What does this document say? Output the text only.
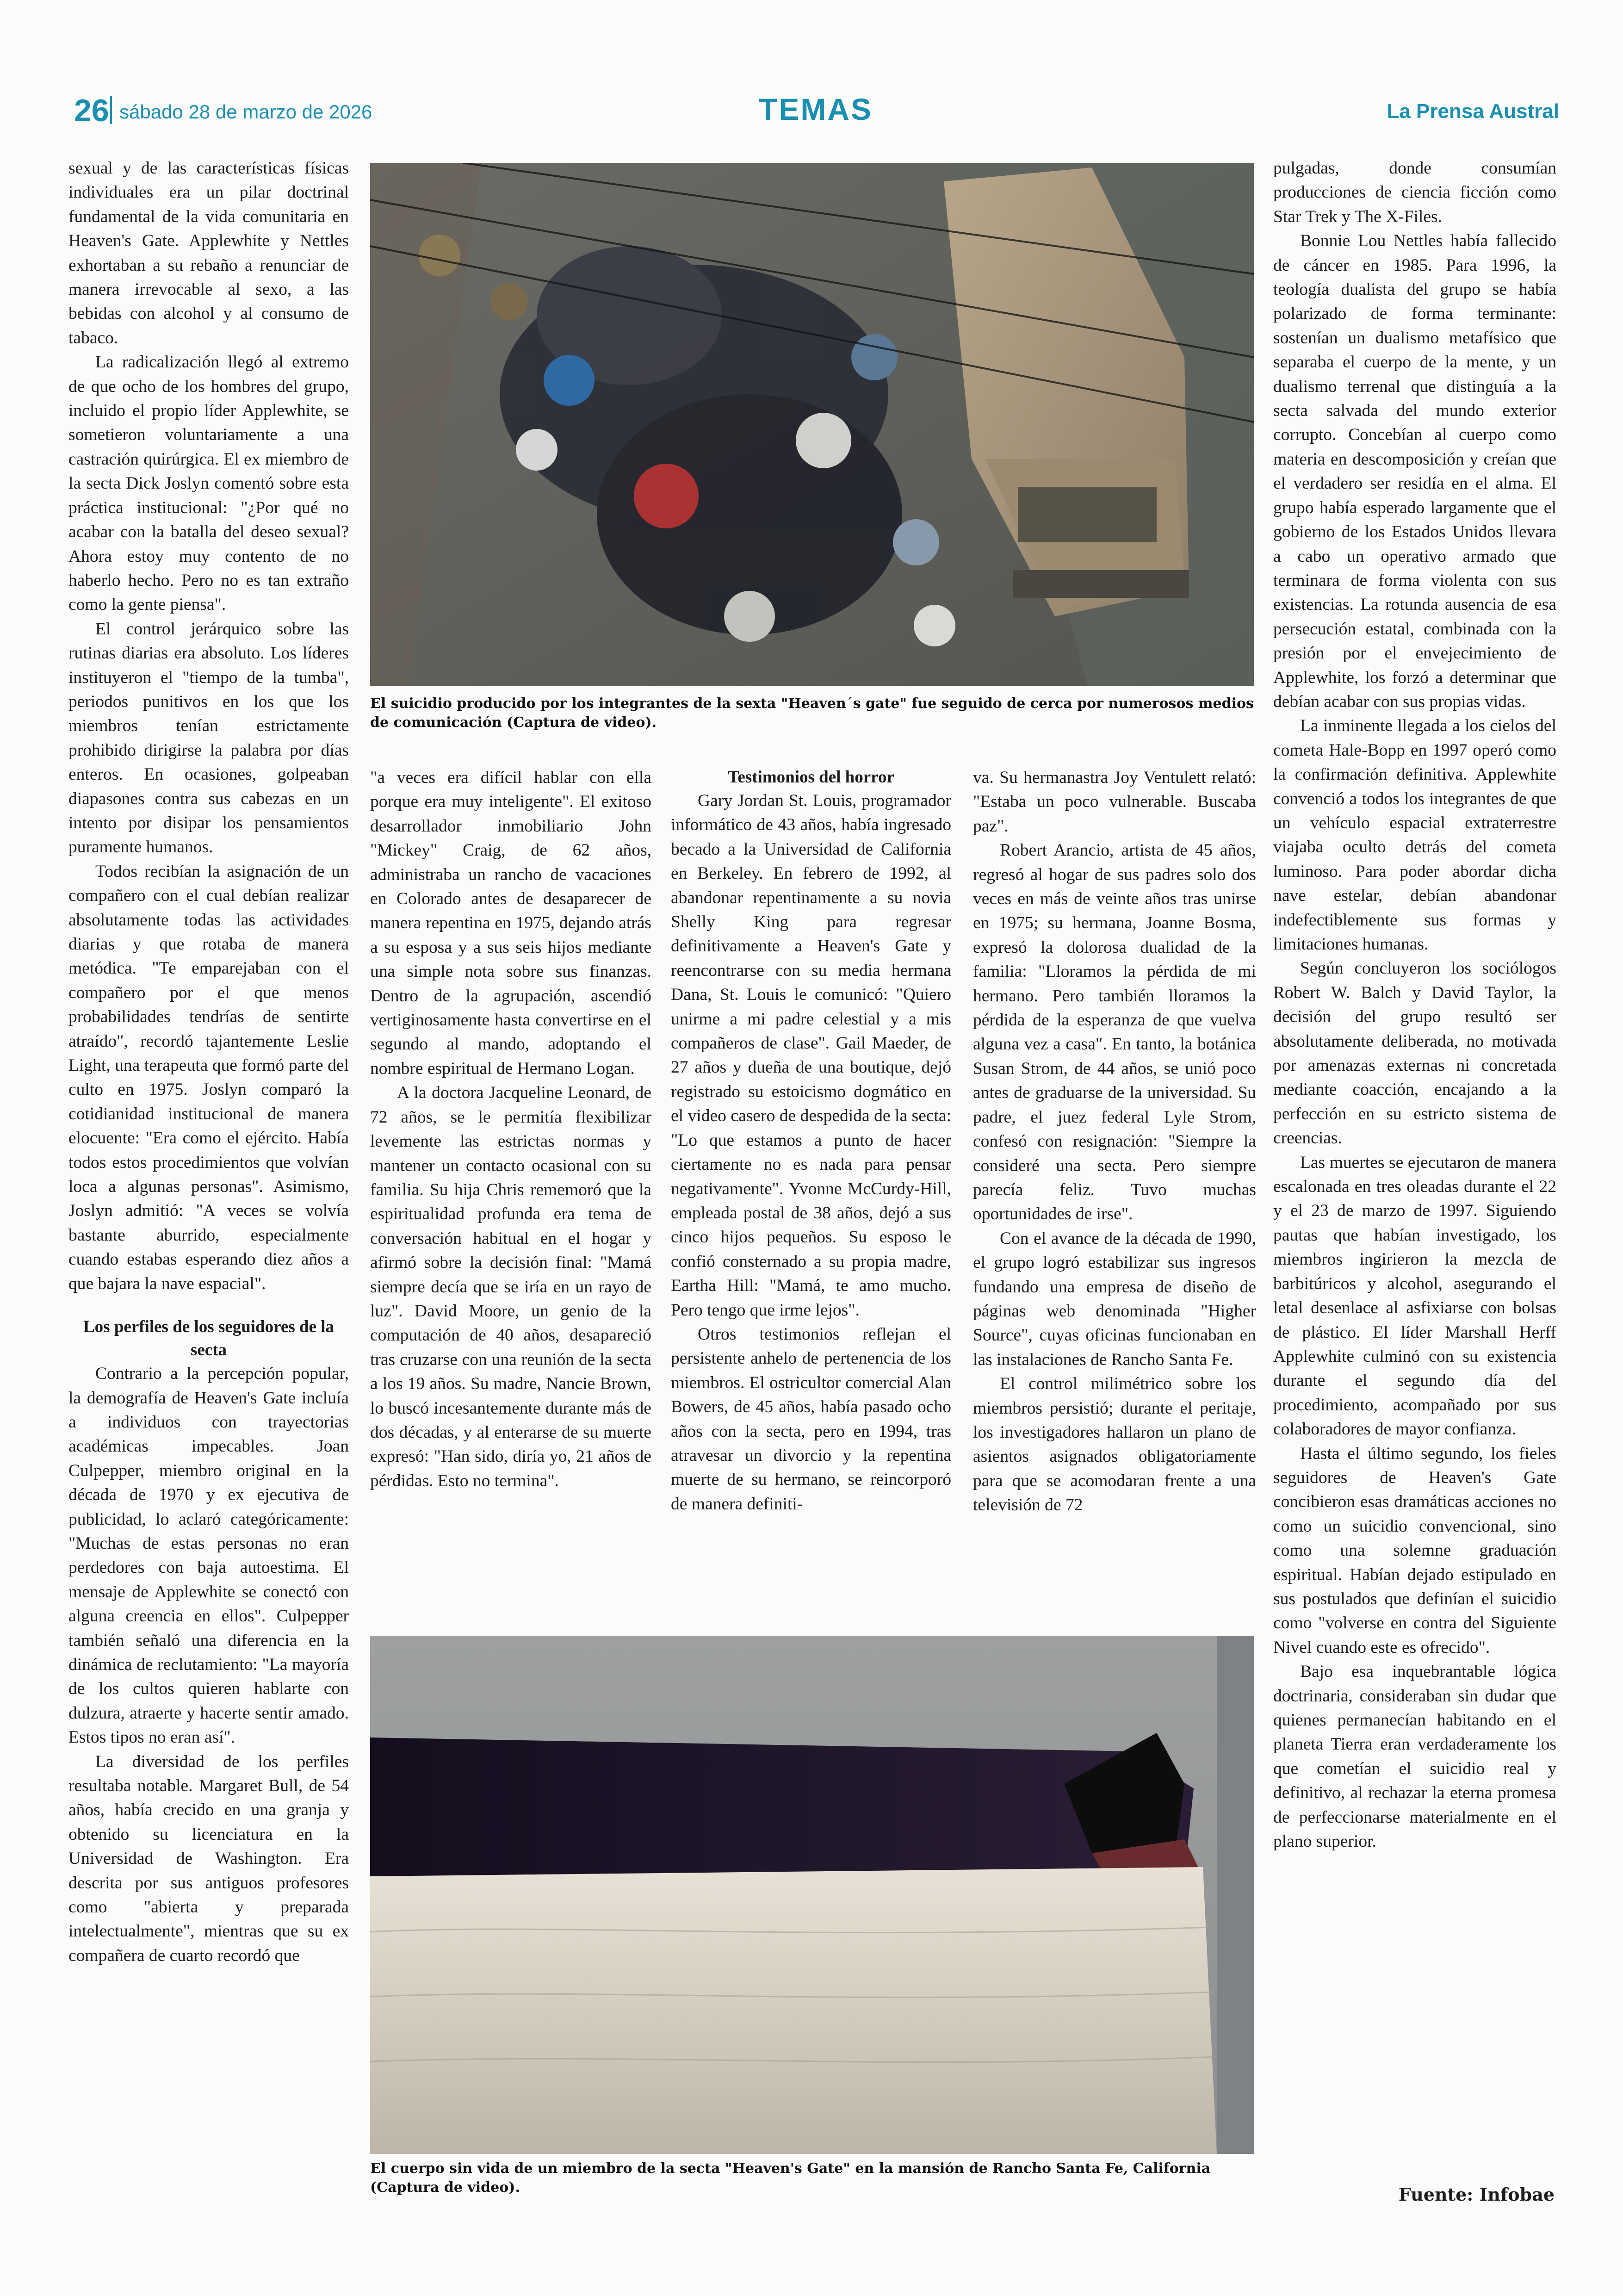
26 sábado 28 de marzo de 2026	TEMAS	La Prensa Austral

sexual y de las características físicas individuales era un pilar doctrinal fundamental de la vida comunitaria en Heaven's Gate. Applewhite y Nettles exhortaban a su rebaño a renunciar de manera irrevocable al sexo, a las bebidas con alcohol y al consumo de tabaco.

La radicalización llegó al extremo de que ocho de los hombres del grupo, incluido el propio líder Applewhite, se sometieron voluntariamente a una castración quirúrgica. El ex miembro de la secta Dick Joslyn comentó sobre esta práctica institucional: "¿Por qué no acabar con la batalla del deseo sexual? Ahora estoy muy contento de no haberlo hecho. Pero no es tan extraño como la gente piensa".

El control jerárquico sobre las rutinas diarias era absoluto. Los líderes instituyeron el "tiempo de la tumba", periodos punitivos en los que los miembros tenían estrictamente prohibido dirigirse la palabra por días enteros. En ocasiones, golpeaban diapasones contra sus cabezas en un intento por disipar los pensamientos puramente humanos.

Todos recibían la asignación de un compañero con el cual debían realizar absolutamente todas las actividades diarias y que rotaba de manera metódica. "Te emparejaban con el compañero por el que menos probabilidades tendrías de sentirte atraído", recordó tajantemente Leslie Light, una terapeuta que formó parte del culto en 1975. Joslyn comparó la cotidianidad institucional de manera elocuente: "Era como el ejército. Había todos estos procedimientos que volvían loca a algunas personas". Asimismo, Joslyn admitió: "A veces se volvía bastante aburrido, especialmente cuando estabas esperando diez años a que bajara la nave espacial".

Los perfiles de los seguidores de la secta

Contrario a la percepción popular, la demografía de Heaven's Gate incluía a individuos con trayectorias académicas impecables. Joan Culpepper, miembro original en la década de 1970 y ex ejecutiva de publicidad, lo aclaró categóricamente: "Muchas de estas personas no eran perdedores con baja autoestima. El mensaje de Applewhite se conectó con alguna creencia en ellos". Culpepper también señaló una diferencia en la dinámica de reclutamiento: "La mayoría de los cultos quieren hablarte con dulzura, atraerte y hacerte sentir amado. Estos tipos no eran así".

La diversidad de los perfiles resultaba notable. Margaret Bull, de 54 años, había crecido en una granja y obtenido su licenciatura en la Universidad de Washington. Era descrita por sus antiguos profesores como "abierta y preparada intelectualmente", mientras que su ex compañera de cuarto recordó que

El suicidio producido por los integrantes de la sexta "Heaven´s gate" fue seguido de cerca por numerosos medios de comunicación (Captura de video).

"a veces era difícil hablar con ella porque era muy inteligente". El exitoso desarrollador inmobiliario John "Mickey" Craig, de 62 años, administraba un rancho de vacaciones en Colorado antes de desaparecer de manera repentina en 1975, dejando atrás a su esposa y a sus seis hijos mediante una simple nota sobre sus finanzas. Dentro de la agrupación, ascendió vertiginosamente hasta convertirse en el segundo al mando, adoptando el nombre espiritual de Hermano Logan.

A la doctora Jacqueline Leonard, de 72 años, se le permitía flexibilizar levemente las estrictas normas y mantener un contacto ocasional con su familia. Su hija Chris rememoró que la espiritualidad profunda era tema de conversación habitual en el hogar y afirmó sobre la decisión final: "Mamá siempre decía que se iría en un rayo de luz". David Moore, un genio de la computación de 40 años, desapareció tras cruzarse con una reunión de la secta a los 19 años. Su madre, Nancie Brown, lo buscó incesantemente durante más de dos décadas, y al enterarse de su muerte expresó: "Han sido, diría yo, 21 años de pérdidas. Esto no termina".

Testimonios del horror

Gary Jordan St. Louis, programador informático de 43 años, había ingresado becado a la Universidad de California en Berkeley. En febrero de 1992, al abandonar repentinamente a su novia Shelly King para regresar definitivamente a Heaven's Gate y reencontrarse con su media hermana Dana, St. Louis le comunicó: "Quiero unirme a mi padre celestial y a mis compañeros de clase". Gail Maeder, de 27 años y dueña de una boutique, dejó registrado su estoicismo dogmático en el video casero de despedida de la secta: "Lo que estamos a punto de hacer ciertamente no es nada para pensar negativamente". Yvonne McCurdy-Hill, empleada postal de 38 años, dejó a sus cinco hijos pequeños. Su esposo le confió consternado a su propia madre, Eartha Hill: "Mamá, te amo mucho. Pero tengo que irme lejos".

Otros testimonios reflejan el persistente anhelo de pertenencia de los miembros. El ostricultor comercial Alan Bowers, de 45 años, había pasado ocho años con la secta, pero en 1994, tras atravesar un divorcio y la repentina muerte de su hermano, se reincorporó de manera definiti-

va. Su hermanastra Joy Ventulett relató: "Estaba un poco vulnerable. Buscaba paz".

Robert Arancio, artista de 45 años, regresó al hogar de sus padres solo dos veces en más de veinte años tras unirse en 1975; su hermana, Joanne Bosma, expresó la dolorosa dualidad de la familia: "Lloramos la pérdida de mi hermano. Pero también lloramos la pérdida de la esperanza de que vuelva alguna vez a casa". En tanto, la botánica Susan Strom, de 44 años, se unió poco antes de graduarse de la universidad. Su padre, el juez federal Lyle Strom, confesó con resignación: "Siempre la consideré una secta. Pero siempre parecía feliz. Tuvo muchas oportunidades de irse".

Con el avance de la década de 1990, el grupo logró estabilizar sus ingresos fundando una empresa de diseño de páginas web denominada "Higher Source", cuyas oficinas funcionaban en las instalaciones de Rancho Santa Fe.

El control milimétrico sobre los miembros persistió; durante el peritaje, los investigadores hallaron un plano de asientos asignados obligatoriamente para que se acomodaran frente a una televisión de 72

pulgadas, donde consumían producciones de ciencia ficción como Star Trek y The X-Files.

Bonnie Lou Nettles había fallecido de cáncer en 1985. Para 1996, la teología dualista del grupo se había polarizado de forma terminante: sostenían un dualismo metafísico que separaba el cuerpo de la mente, y un dualismo terrenal que distinguía a la secta salvada del mundo exterior corrupto. Concebían al cuerpo como materia en descomposición y creían que el verdadero ser residía en el alma. El grupo había esperado largamente que el gobierno de los Estados Unidos llevara a cabo un operativo armado que terminara de forma violenta con sus existencias. La rotunda ausencia de esa persecución estatal, combinada con la presión por el envejecimiento de Applewhite, los forzó a determinar que debían acabar con sus propias vidas.

La inminente llegada a los cielos del cometa Hale-Bopp en 1997 operó como la confirmación definitiva. Applewhite convenció a todos los integrantes de que un vehículo espacial extraterrestre viajaba oculto detrás del cometa luminoso. Para poder abordar dicha nave estelar, debían abandonar indefectiblemente sus formas y limitaciones humanas.

Según concluyeron los sociólogos Robert W. Balch y David Taylor, la decisión del grupo resultó ser absolutamente deliberada, no motivada por amenazas externas ni concretada mediante coacción, encajando a la perfección en su estricto sistema de creencias.

Las muertes se ejecutaron de manera escalonada en tres oleadas durante el 22 y el 23 de marzo de 1997. Siguiendo pautas que habían investigado, los miembros ingirieron la mezcla de barbitúricos y alcohol, asegurando el letal desenlace al asfixiarse con bolsas de plástico. El líder Marshall Herff Applewhite culminó con su existencia durante el segundo día del procedimiento, acompañado por sus colaboradores de mayor confianza.

Hasta el último segundo, los fieles seguidores de Heaven's Gate concibieron esas dramáticas acciones no como un suicidio convencional, sino como una solemne graduación espiritual. Habían dejado estipulado en sus postulados que definían el suicidio como "volverse en contra del Siguiente Nivel cuando este es ofrecido".

Bajo esa inquebrantable lógica doctrinaria, consideraban sin dudar que quienes permanecían habitando en el planeta Tierra eran verdaderamente los que cometían el suicidio real y definitivo, al rechazar la eterna promesa de perfeccionarse materialmente en el plano superior.

El cuerpo sin vida de un miembro de la secta "Heaven's Gate" en la mansión de Rancho Santa Fe, California (Captura de video).	Fuente: Infobae
